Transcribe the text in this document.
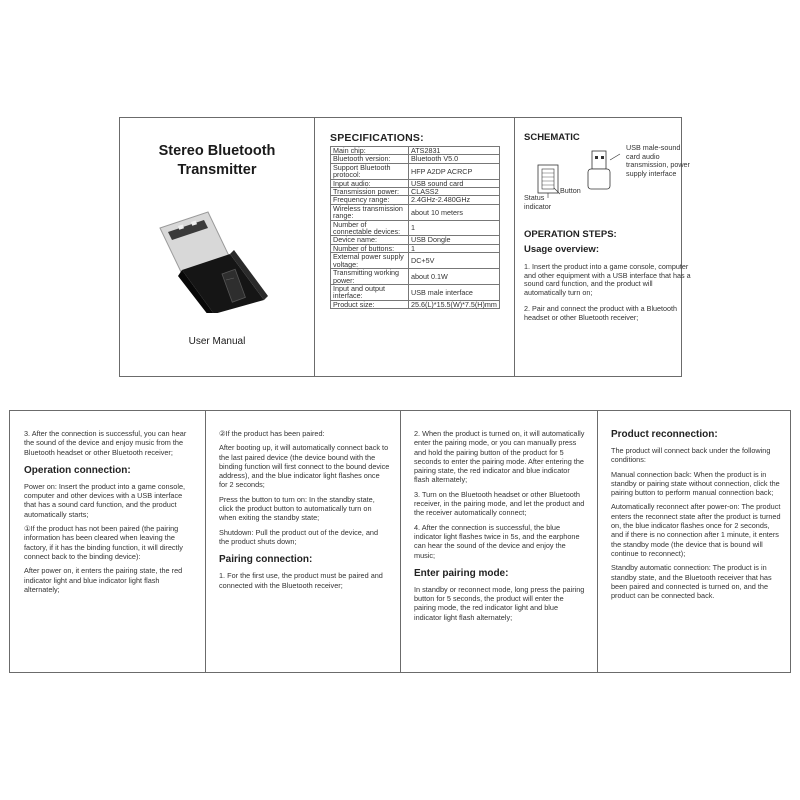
Stereo Bluetooth
Transmitter
User Manual
SPECIFICATIONS:
Main chip:	ATS2831
Bluetooth version:	Bluetooth V5.0
Support Bluetooth protocol:	HFP A2DP ACRCP
Input audio:	USB sound card
Transmission power:	CLASS2
Frequency range:	2.4GHz-2.480GHz
Wireless transmission range:	about 10 meters
Number of connectable devices:	1
Device name:	USB Dongle
Number of buttons:	1
External power supply voltage:	DC+5V
Transmitting working power:	about 0.1W
Input and output interface:	USB male interface
Product size:	25.6(L)*15.5(W)*7.5(H)mm
SCHEMATIC
USB male-sound card audio transmission, power supply interface
Button
Status indicator
OPERATION STEPS:
Usage overview:
1. Insert the product into a game console, computer and other equipment with a USB interface that has a sound card function, and the product will automatically turn on;
2. Pair and connect the product with a Bluetooth headset or other Bluetooth receiver;

3. After the connection is successful, you can hear the sound of the device and enjoy music from the Bluetooth headset or other Bluetooth receiver;

Operation connection:

Power on: Insert the product into a game console, computer and other devices with a USB interface that has a sound card function, and the product automatically starts;

①If the product has not been paired (the pairing information has been cleared when leaving the factory, if it has the binding function, it will directly connect back to the binding device):

After power on, it enters the pairing state, the red indicator light and blue indicator light flash alternately;

②If the product has been paired:

After booting up, it will automatically connect back to the last paired device (the device bound with the binding function will first connect to the bound device address), and the blue indicator light flashes once for 2 seconds;

Press the button to turn on: In the standby state, click the product button to automatically turn on when exiting the standby state;

Shutdown: Pull the product out of the device, and the product shuts down;

Pairing connection:

1. For the first use, the product must be paired and connected with the Bluetooth receiver;

2. When the product is turned on, it will automatically enter the pairing mode, or you can manually press and hold the pairing button of the product for 5 seconds to enter the pairing mode. After entering the pairing state, the red indicator and blue indicator flash alternately;

3. Turn on the Bluetooth headset or other Bluetooth receiver, in the pairing mode, and let the product and the receiver automatically connect;

4. After the connection is successful, the blue indicator light flashes twice in 5s, and the earphone can hear the sound of the device and enjoy the music;

Enter pairing mode:

In standby or reconnect mode, long press the pairing button for 5 seconds, the product will enter the pairing mode, the red indicator light and blue indicator light flash alternately;

Product reconnection:

The product will connect back under the following conditions:

Manual connection back: When the product is in standby or pairing state without connection, click the pairing button to perform manual connection back;

Automatically reconnect after power-on: The product enters the reconnect state after the product is turned on, the blue indicator flashes once for 2 seconds, and if there is no connection after 1 minute, it enters the standby mode (the device that is bound will continue to reconnect);

Standby automatic connection: The product is in standby state, and the Bluetooth receiver that has been paired and connected is turned on, and the product can be connected back.
